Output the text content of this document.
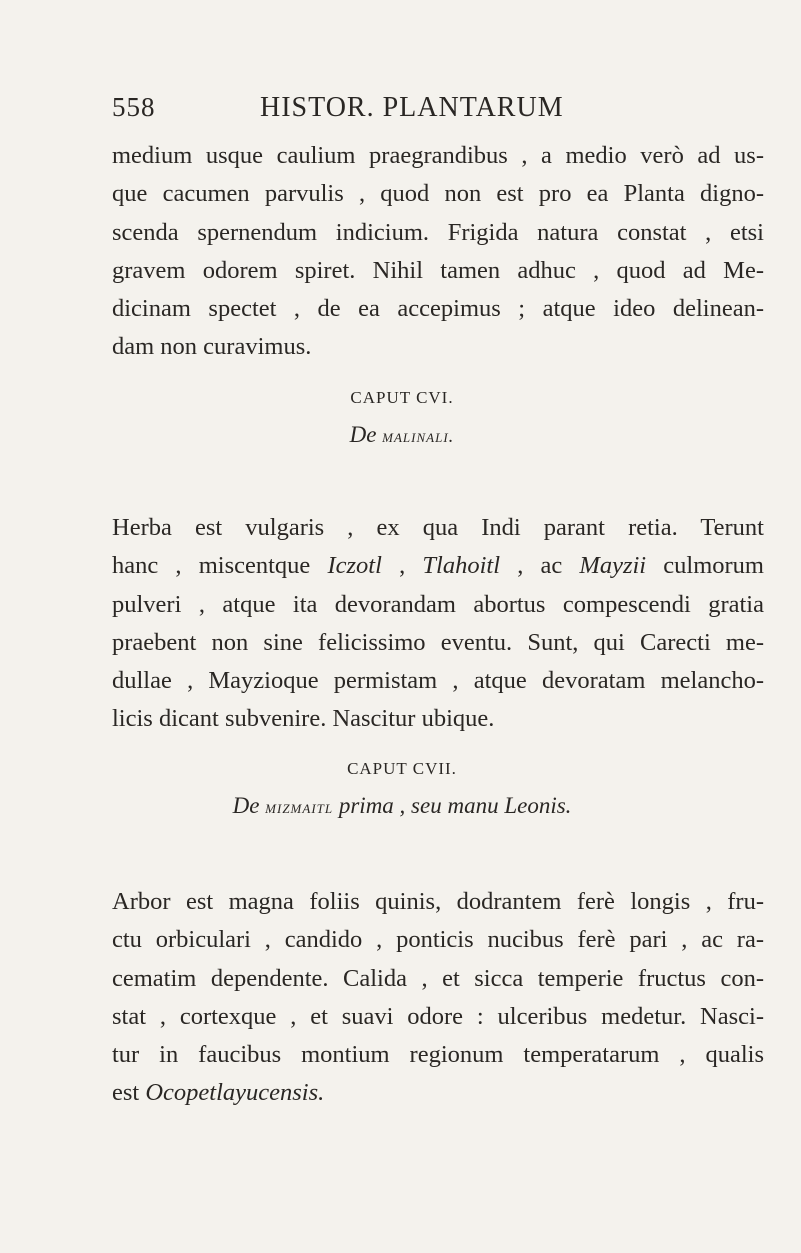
558	HISTOR. PLANTARUM
medium usque caulium praegrandibus , a medio verò ad us-
que cacumen parvulis , quod non est pro ea Planta digno-
scenda spernendum indicium. Frigida natura constat , etsi
gravem odorem spiret. Nihil tamen adhuc , quod ad Me-
dicinam spectet , de ea accepimus ; atque ideo delinean-
dam non curavimus.
CAPUT CVI.
De malinali.
Herba est vulgaris , ex qua Indi parant retia. Terunt
hanc , miscentque Iczotl , Tlahoitl , ac Mayzii culmorum
pulveri , atque ita devorandam abortus compescendi gratia
praebent non sine felicissimo eventu. Sunt, qui Carecti me-
dullae , Mayzioque permistam , atque devoratam melancho-
licis dicant subvenire. Nascitur ubique.
CAPUT CVII.
De mizmaitl prima , seu manu Leonis.
Arbor est magna foliis quinis, dodrantem ferè longis , fru-
ctu orbiculari , candido , ponticis nucibus ferè pari , ac ra-
cematim dependente. Calida , et sicca temperie fructus con-
stat , cortexque , et suavi odore : ulceribus medetur. Nasci-
tur in faucibus montium regionum temperatarum , qualis
est Ocopetlayucensis.
